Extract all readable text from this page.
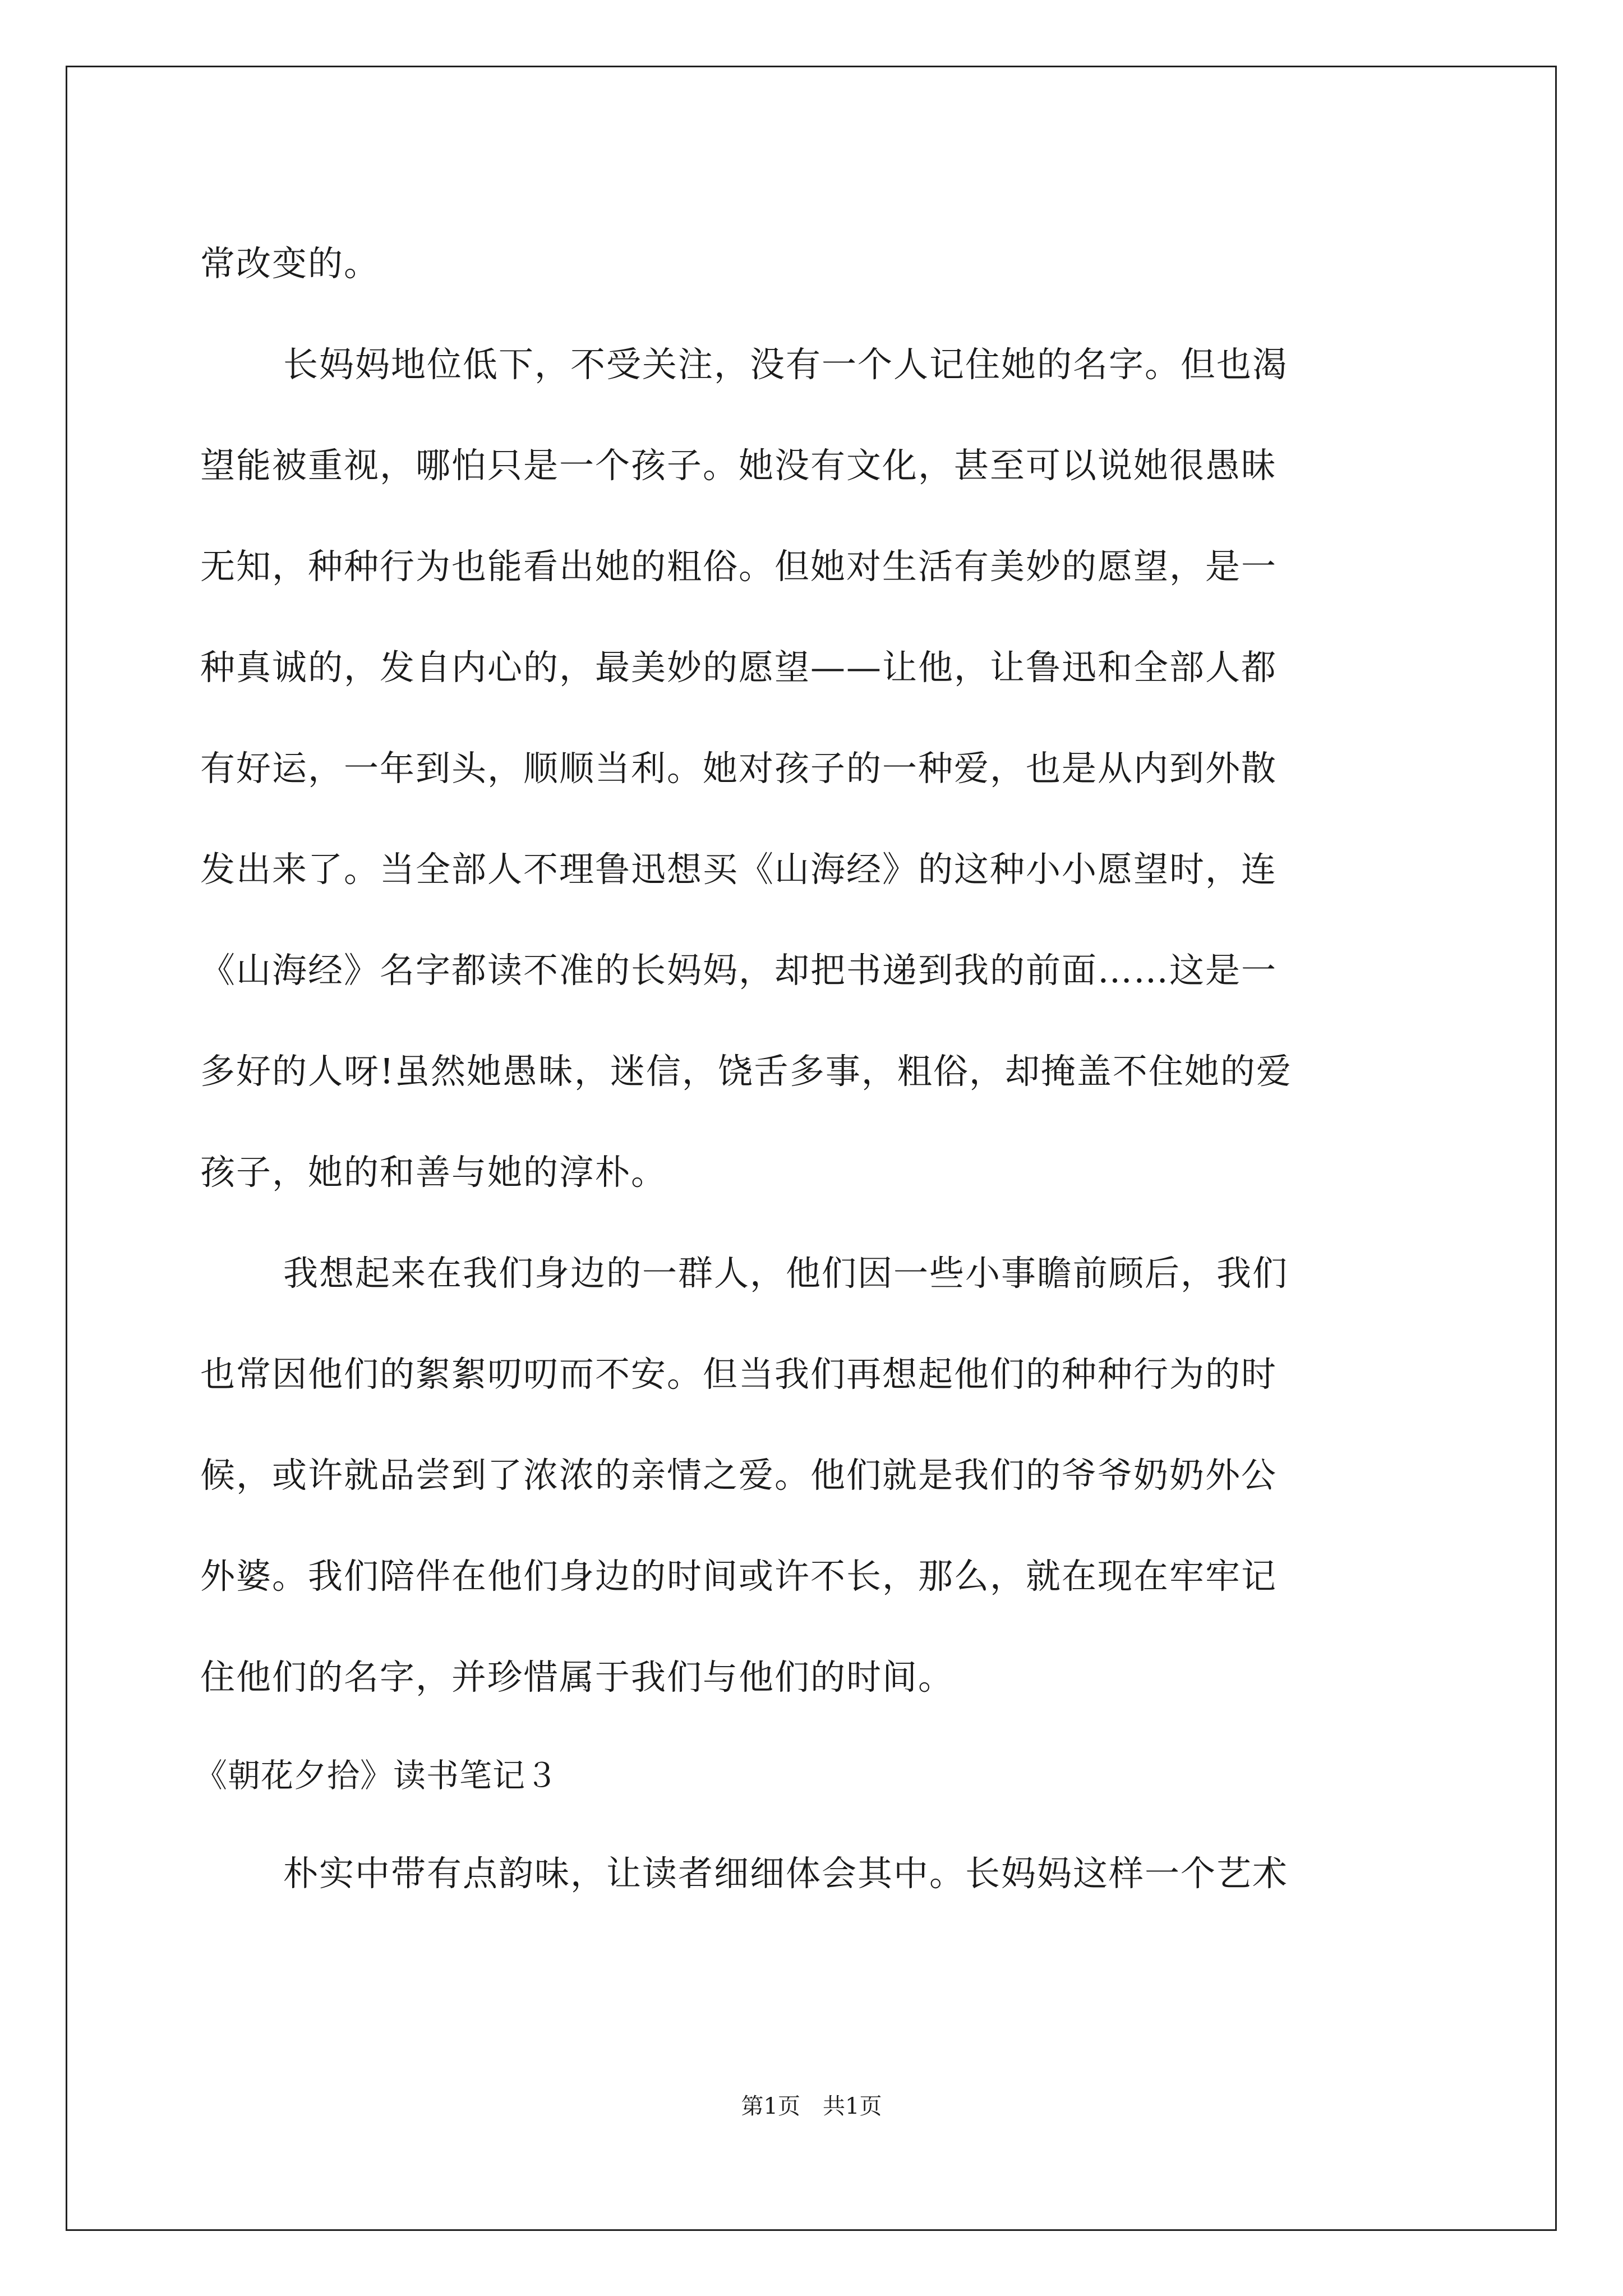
常改变的。
长妈妈地位低下，不受关注，没有一个人记住她的名字。但也渴
望能被重视，哪怕只是一个孩子。她没有文化，甚至可以说她很愚昧
无知，种种行为也能看出她的粗俗。但她对生活有美妙的愿望，是一
种真诚的，发自内心的，最美妙的愿望——让他，让鲁迅和全部人都
有好运，一年到头，顺顺当利。她对孩子的一种爱，也是从内到外散
发出来了。当全部人不理鲁迅想买《山海经》的这种小小愿望时，连
《山海经》名字都读不准的长妈妈，却把书递到我的前面……这是一
多好的人呀!虽然她愚昧，迷信，饶舌多事，粗俗，却掩盖不住她的爱
孩子，她的和善与她的淳朴。
我想起来在我们身边的一群人，他们因一些小事瞻前顾后，我们
也常因他们的絮絮叨叨而不安。但当我们再想起他们的种种行为的时
候，或许就品尝到了浓浓的亲情之爱。他们就是我们的爷爷奶奶外公
外婆。我们陪伴在他们身边的时间或许不长，那么，就在现在牢牢记
住他们的名字，并珍惜属于我们与他们的时间。
《朝花夕拾》读书笔记３
朴实中带有点韵味，让读者细细体会其中。长妈妈这样一个艺术
第1页 共1页
